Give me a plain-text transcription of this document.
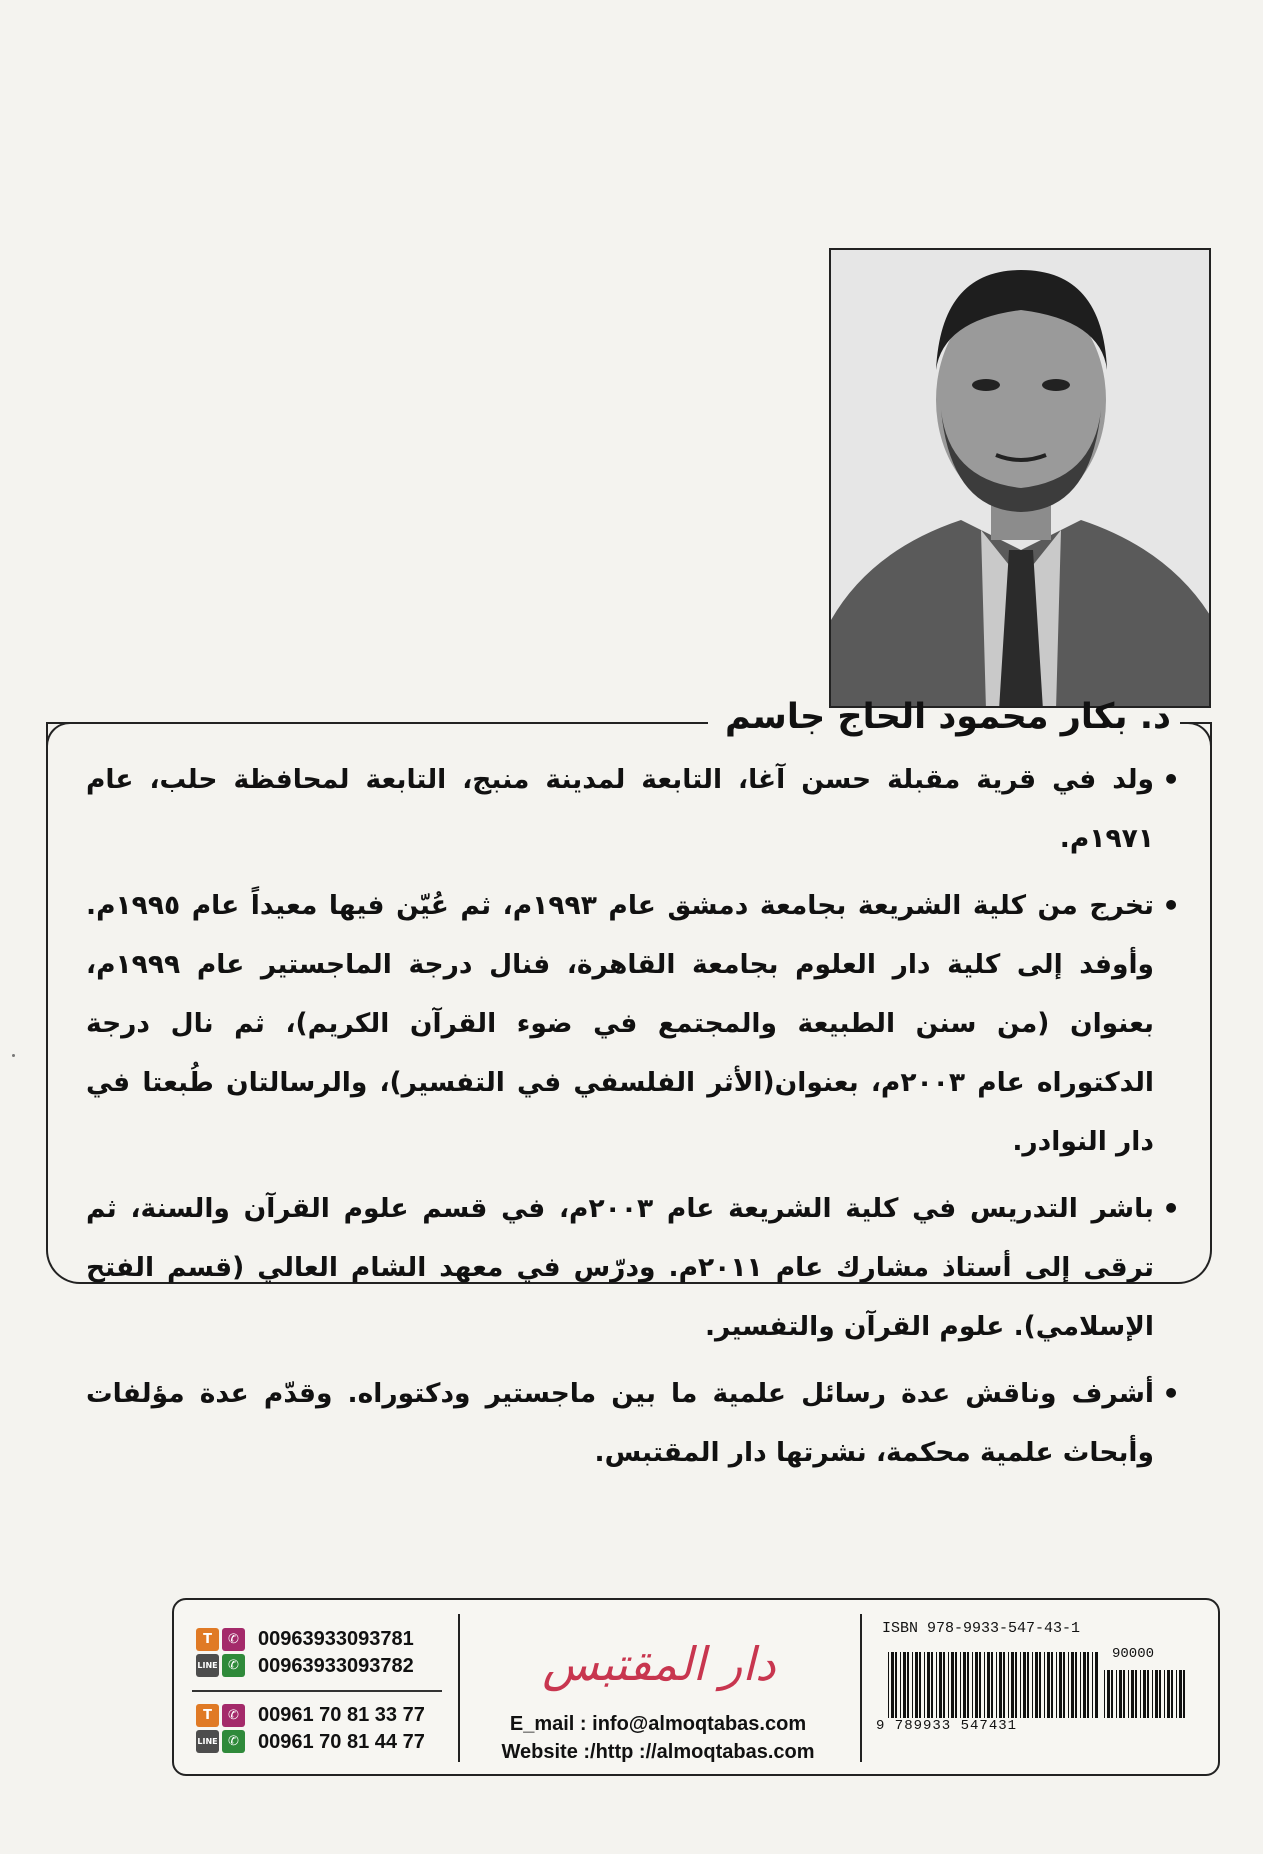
د. بكار محمود الحاج جاسم
• ولد في قرية مقبلة حسن آغا، التابعة لمدينة منبج، التابعة لمحافظة حلب، عام ١٩٧١م.
• تخرج من كلية الشريعة بجامعة دمشق عام ١٩٩٣م، ثم عُيّن فيها معيداً عام ١٩٩٥م. وأوفد إلى كلية دار العلوم بجامعة القاهرة، فنال درجة الماجستير عام ١٩٩٩م، بعنوان (من سنن الطبيعة والمجتمع في ضوء القرآن الكريم)، ثم نال درجة الدكتوراه عام ٢٠٠٣م، بعنوان(الأثر الفلسفي في التفسير)، والرسالتان طُبعتا في دار النوادر.
• باشر التدريس في كلية الشريعة عام ٢٠٠٣م، في قسم علوم القرآن والسنة، ثم ترقى إلى أستاذ مشارك عام ٢٠١١م. ودرّس في معهد الشام العالي (قسم الفتح الإسلامي). علوم القرآن والتفسير.
• أشرف وناقش عدة رسائل علمية ما بين ماجستير ودكتوراه. وقدّم عدة مؤلفات وأبحاث علمية محكمة، نشرتها دار المقتبس.
T	✆
LINE ✆
00963933093781
00963933093782
T	✆
LINE ✆
00961 70 81 33 77
00961 70 81 44 77
دار المقتبس
E_mail : info@almoqtabas.com
Website :/http ://almoqtabas.com
ISBN 978-9933-547-43-1
90000
9 789933 547431
